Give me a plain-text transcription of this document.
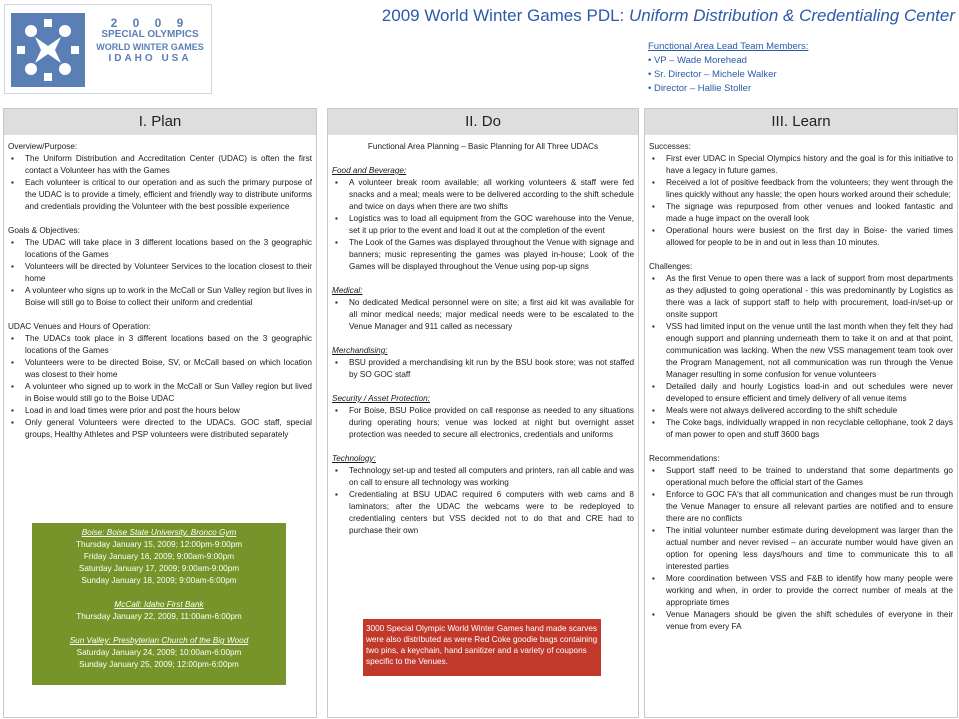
2 0 0 9
SPECIAL OLYMPICS
WORLD WINTER GAMES
IDAHO USA
2009 World Winter Games PDL: Uniform Distribution & Credentialing Center
Functional Area Lead Team Members:
• VP – Wade Morehead
• Sr. Director – Michele Walker
• Director – Hallie Stoller
I. Plan
Overview/Purpose:
▪ The Uniform Distribution and Accreditation Center (UDAC) is often the first contact a Volunteer has with the Games
▪ Each volunteer is critical to our operation and as such the primary purpose of the UDAC is to provide a timely, efficient and friendly way to distribute uniforms and credentials providing the Volunteer with the best possible experience
Goals & Objectives:
▪ The UDAC will take place in 3 different locations based on the 3 geographic locations of the Games
▪ Volunteers will be directed by Volunteer Services to the location closest to their home
▪ A volunteer who signs up to work in the McCall or Sun Valley region but lives in Boise will still go to Boise to collect their uniform and credential
UDAC Venues and Hours of Operation:
▪ The UDACs took place in 3 different locations based on the 3 geographic locations of the Games
▪ Volunteers were to be directed Boise, SV, or McCall based on which location was closest to their home
▪ A volunteer who signed up to work in the McCall or Sun Valley region but lived in Boise would still go to the Boise UDAC
▪ Load in and load times were prior and post the hours below
▪ Only general Volunteers were directed to the UDACs. GOC staff, special groups, Healthy Athletes and PSP volunteers were distributed separately
Boise: Boise State University, Bronco Gym
Thursday January 15, 2009; 12:00pm-9:00pm
Friday January 16, 2009; 9:00am-9:00pm
Saturday January 17, 2009; 9:00am-9:00pm
Sunday January 18, 2009; 9:00am-6:00pm
McCall: Idaho First Bank
Thursday January 22, 2009, 11:00am-6:00pm
Sun Valley: Presbyterian Church of the Big Wood
Saturday January 24, 2009; 10:00am-6:00pm
Sunday January 25, 2009; 12:00pm-6:00pm
II. Do
Functional Area Planning – Basic Planning for All Three UDACs
Food and Beverage:
▪ A volunteer break room available; all working volunteers & staff were fed snacks and a meal; meals were to be delivered according to the shift schedule and twice on days when there are two shifts
▪ Logistics was to load all equipment from the GOC warehouse into the Venue, set it up prior to the event and load it out at the completion of the event
▪ The Look of the Games was displayed throughout the Venue with signage and banners; music representing the games was played in-house; Look of the Games will be displayed throughout the Venue using pop-up signs
Medical:
▪ No dedicated Medical personnel were on site; a first aid kit was available for all minor medical needs; major medical needs were to be escalated to the Venue Manager and 911 called as necessary
Merchandising:
▪ BSU provided a merchandising kit run by the BSU book store; was not staffed by SO GOC staff
Security / Asset Protection:
▪ For Boise, BSU Police provided on call response as needed to any situations during operating hours; venue was locked at night but overnight asset protection was needed to secure all electronics, credentials and uniforms
Technology:
▪ Technology set-up and tested all computers and printers, ran all cable and was on call to ensure all technology was working
▪ Credentialing at BSU UDAC required 6 computers with web cams and 8 laminators; after the UDAC the webcams were to be redeployed to credentialing centers but VSS decided not to do that and CRE had to purchase their own
3000 Special Olympic World Winter Games hand made scarves were also distributed as were Red Coke goodie bags containing two pins, a keychain, hand sanitizer and a variety of coupons specific to the Venues.
III. Learn
Successes:
▪ First ever UDAC in Special Olympics history and the goal is for this initiative to have a legacy in future games.
▪ Received a lot of positive feedback from the volunteers; they went through the lines quickly without any hassle; the open hours worked around their schedule;
▪ The signage was repurposed from other venues and looked fantastic and made a huge impact on the overall look
▪ Operational hours were busiest on the first day in Boise- the varied times allowed for people to be in and out in less than 10 minutes.
Challenges:
▪ As the first Venue to open there was a lack of support from most departments as they adjusted to going operational - this was predominantly by Logistics as there was a lack of support staff to help with procurement, load-in/set-up or onsite support
▪ VSS had limited input on the venue until the last month when they felt they had enough support and planning underneath them to take it on and at that point, communication was lacking. When the new VSS management team took over the Program Management, not all communication was run through the Venue Manager resulting in some confusion for venue volunteers
▪ Detailed daily and hourly Logistics load-in and out schedules were never developed to ensure efficient and timely delivery of all venue items
▪ Meals were not always delivered according to the shift schedule
▪ The Coke bags, individually wrapped in non recyclable cellophane, took 2 days of man power to open and stuff 3600 bags
Recommendations:
▪ Support staff need to be trained to understand that some departments go operational much before the official start of the Games
▪ Enforce to GOC FA's that all communication and changes must be run through the Venue Manager to ensure all relevant parties are notified and to ensure there are no conflicts
▪ The initial volunteer number estimate during development was larger than the actual number and never revised – an accurate number would have given an option for opening less days/hours and time to communicate this to all interested parties
▪ More coordination between VSS and F&B to identify how many people were working and when, in order to provide the correct number of meals at the appropriate times
▪ Venue Managers should be given the shift schedules of everyone in their venue from every FA
